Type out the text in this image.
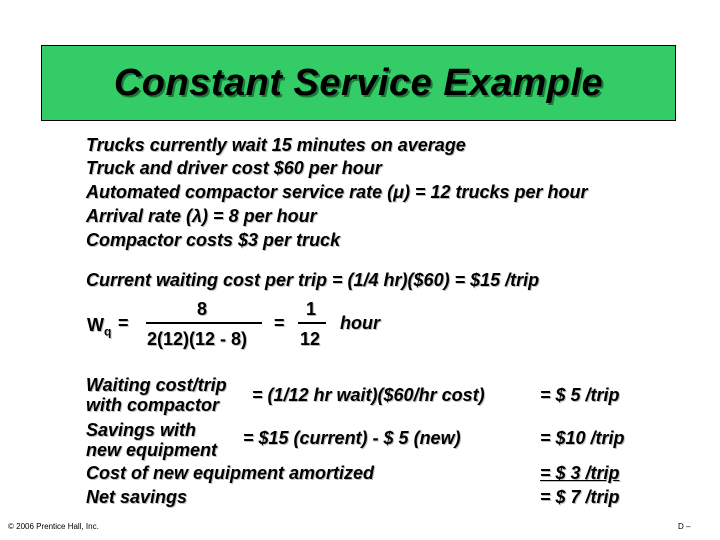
Constant Service Example
Trucks currently wait 15 minutes on average
Truck and driver cost $60 per hour
Automated compactor service rate (μ) = 12 trucks per hour
Arrival rate (λ) = 8 per hour
Compactor costs $3 per truck
Current waiting cost per trip = (1/4 hr)($60) = $15 /trip
$W_q$ =
8
2(12)(12 - 8)
=
1
12
hour
Waiting cost/trip
with compactor = (1/12 hr wait)($60/hr cost)	= $ 5 /trip
Savings with
new equipment
= $15 (current) - $ 5 (new)	= $10 /trip
Cost of new equipment amortized	= $ 3 /trip
Net savings	= $ 7 /trip
© 2006 Prentice Hall, Inc.	D –
